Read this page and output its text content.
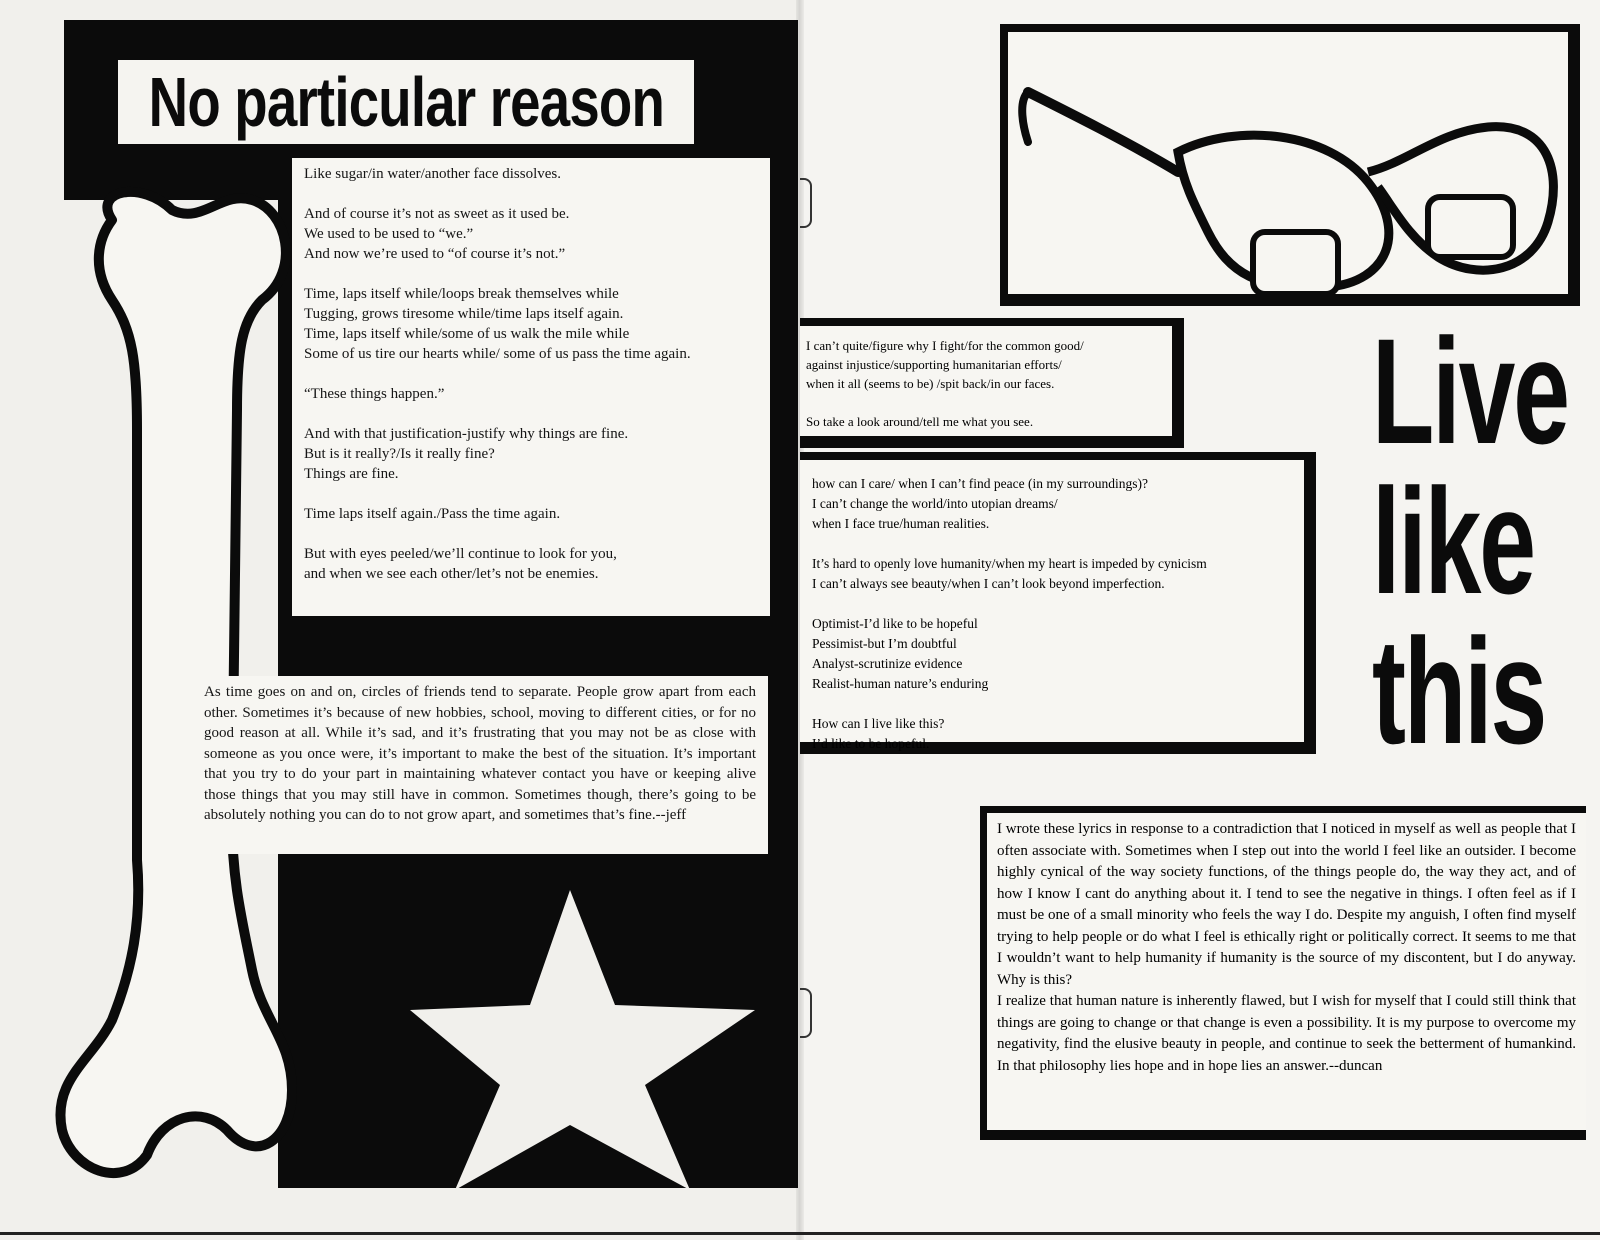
No particular reason
Like sugar/in water/another face dissolves.
And of course it’s not as sweet as it used be.
We used to be used to “we.”
And now we’re used to “of course it’s not.”
Time, laps itself while/loops break themselves while
Tugging, grows tiresome while/time laps itself again.
Time, laps itself while/some of us walk the mile while
Some of us tire our hearts while/ some of us pass the time again.
“These things happen.”
And with that justification-justify why things are fine.
But is it really?/Is it really fine?
Things are fine.
Time laps itself again./Pass the time again.
But with eyes peeled/we’ll continue to look for you,
and when we see each other/let’s not be enemies.
As time goes on and on, circles of friends tend to separate. People grow apart from each other. Sometimes it’s because of new hobbies, school, moving to different cities, or for no good reason at all. While it’s sad, and it’s frustrating that you may not be as close with someone as you once were, it’s important to make the best of the situation. It’s important that you try to do your part in maintaining whatever contact you have or keeping alive those things that you may still have in common. Sometimes though, there’s going to be absolutely nothing you can do to not grow apart, and sometimes that’s fine.--jeff
I can’t quite/figure why I fight/for the common good/
against injustice/supporting humanitarian efforts/
when it all (seems to be) /spit back/in our faces.
So take a look around/tell me what you see.
how can I care/ when I can’t find peace (in my surroundings)?
I can’t change the world/into utopian dreams/
when I face true/human realities.
It’s hard to openly love humanity/when my heart is impeded by cynicism
I can’t always see beauty/when I can’t look beyond imperfection.
Optimist-I’d like to be hopeful
Pessimist-but I’m doubtful
Analyst-scrutinize evidence
Realist-human nature’s enduring
How can I live like this?
I’d like to be hopeful.
Live
like
this
I wrote these lyrics in response to a contradiction that I noticed in myself as well as people that I often associate with. Sometimes when I step out into the world I feel like an outsider. I become highly cynical of the way society functions, of the things people do, the way they act, and of how I know I cant do anything about it. I tend to see the negative in things. I often feel as if I must be one of a small minority who feels the way I do. Despite my anguish, I often find myself trying to help people or do what I feel is ethically right or politically correct. It seems to me that I wouldn’t want to help humanity if humanity is the source of my discontent, but I do anyway. Why is this?
I realize that human nature is inherently flawed, but I wish for myself that I could still think that things are going to change or that change is even a possibility. It is my purpose to overcome my negativity, find the elusive beauty in people, and continue to seek the betterment of humankind. In that philosophy lies hope and in hope lies an answer.--duncan
